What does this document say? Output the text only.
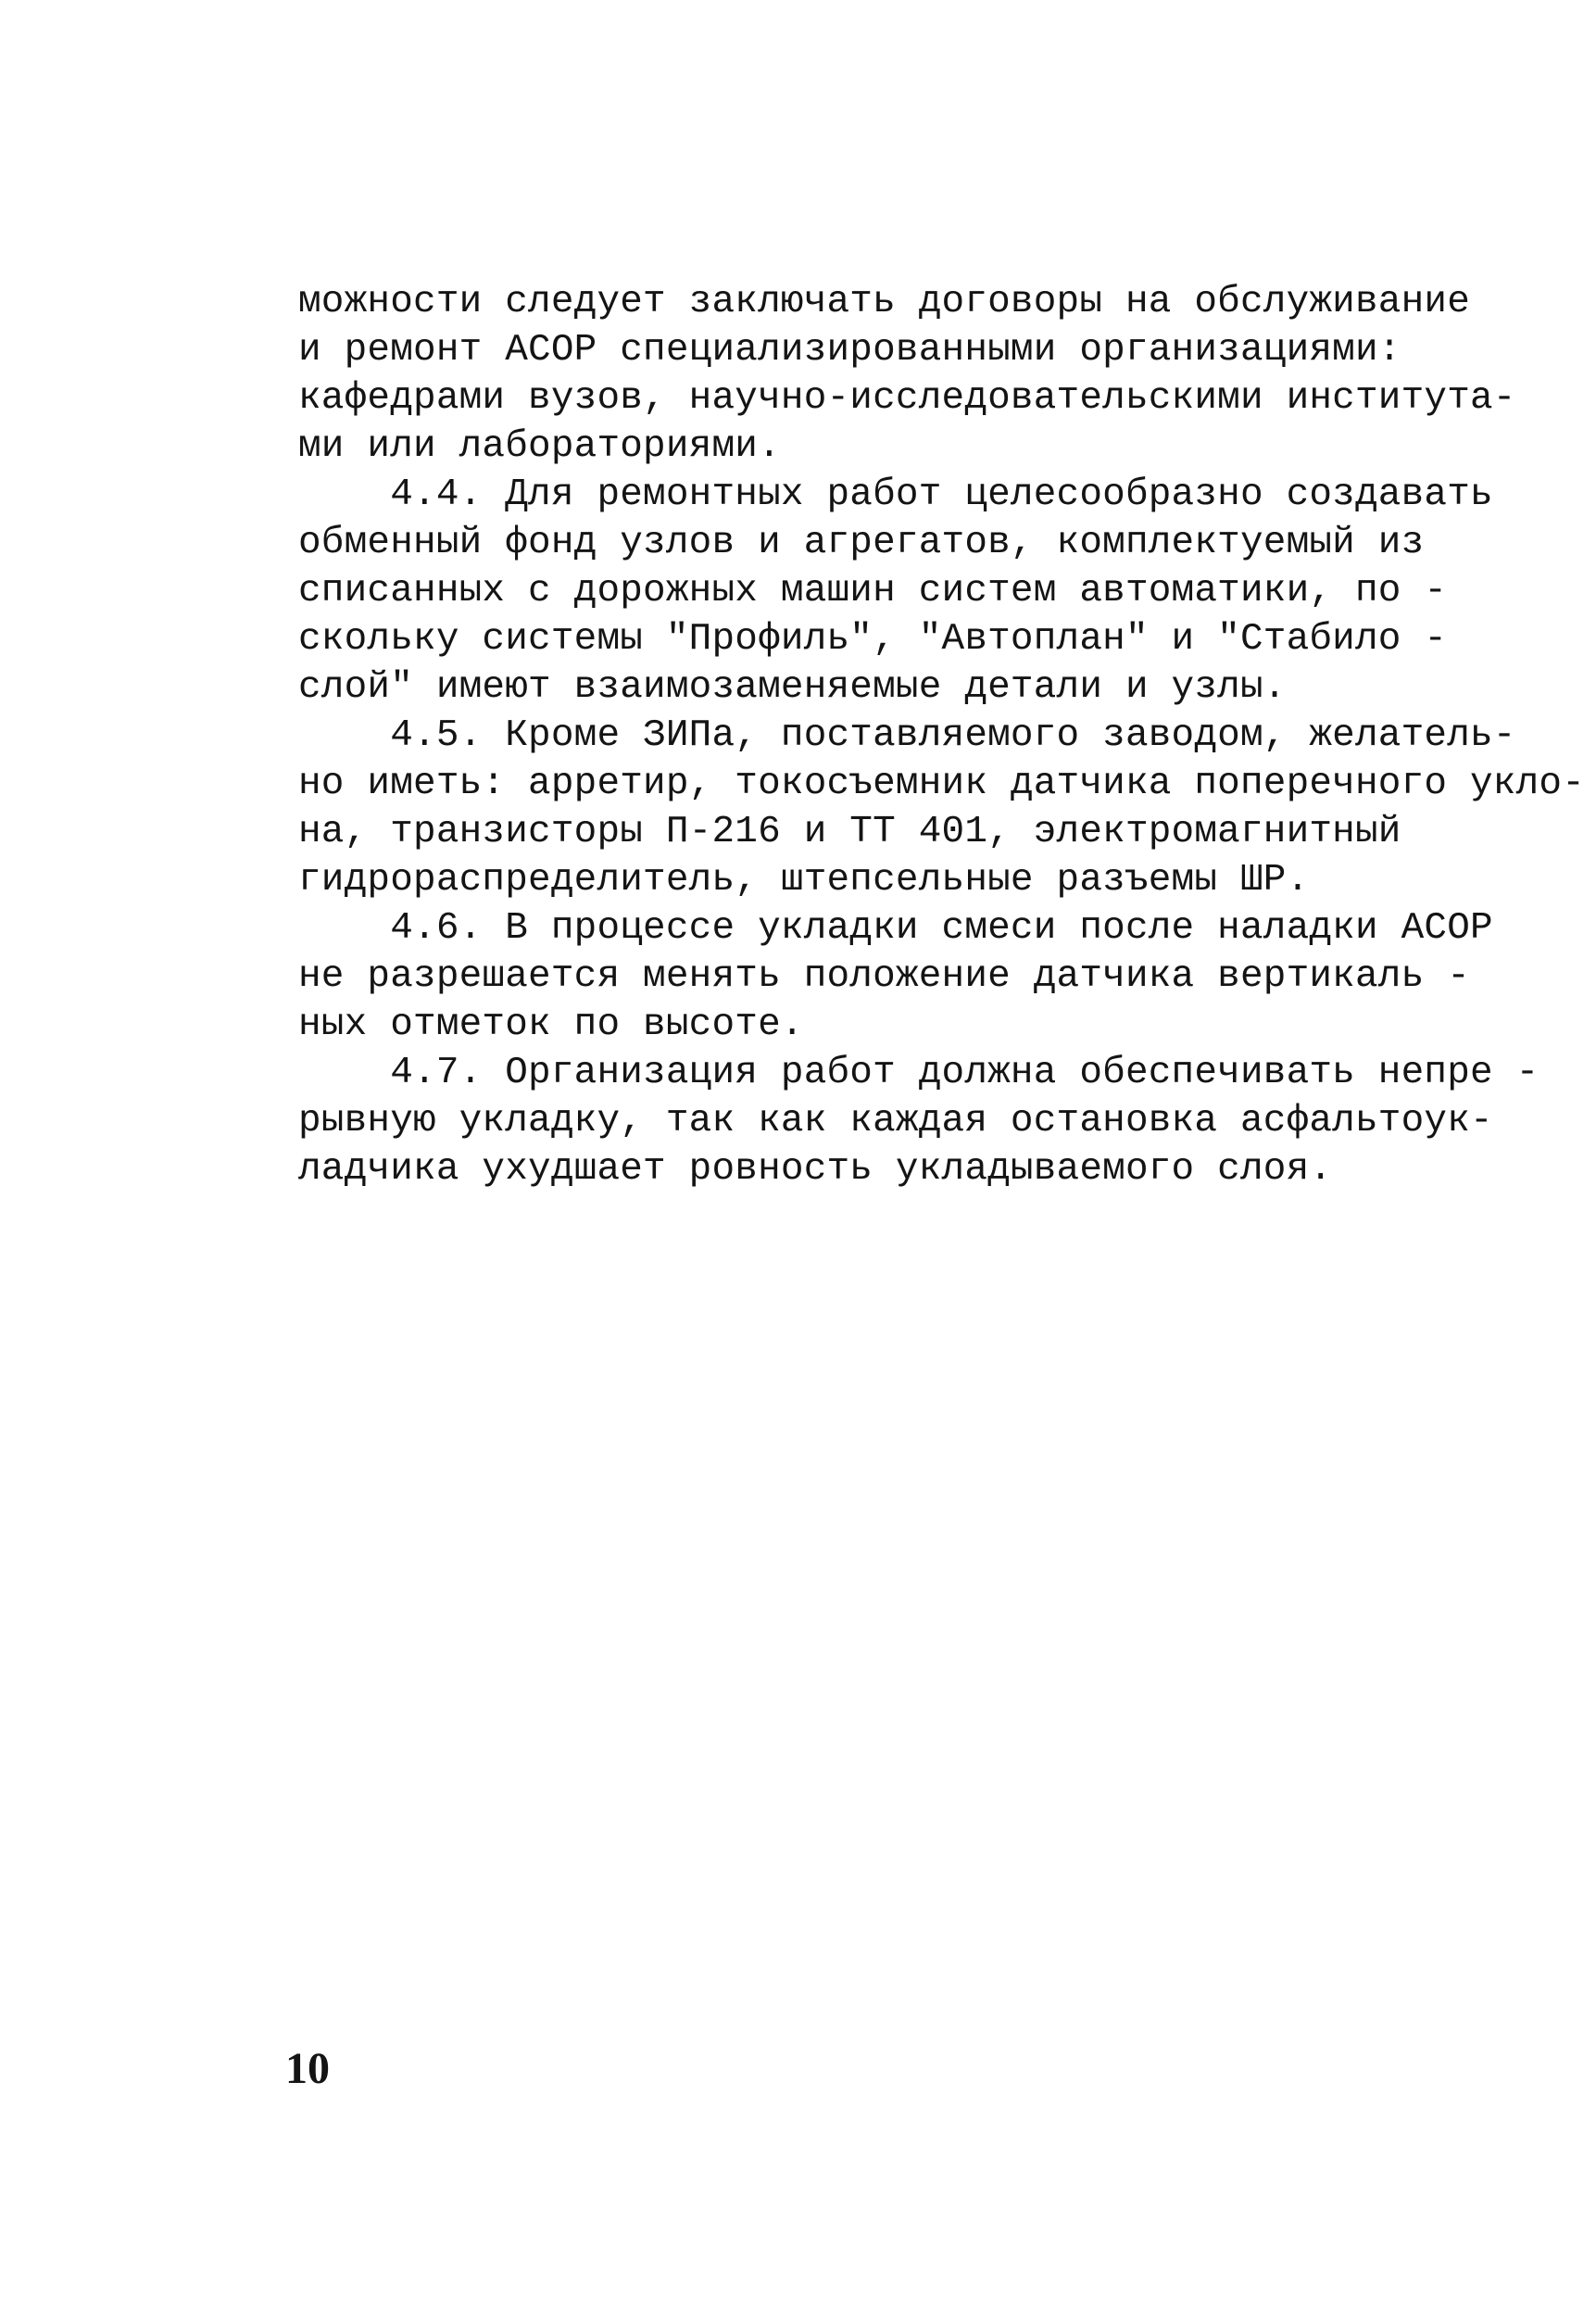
можности следует заключать договоры на обслуживание
и ремонт АСОР специализированными организациями:
кафедрами вузов, научно-исследовательскими института-
ми или лабораториями.
4.4. Для ремонтных работ целесообразно создавать
обменный фонд узлов и агрегатов, комплектуемый из
списанных с дорожных машин систем автоматики, по -
скольку системы "Профиль", "Автоплан" и "Стабило -
слой" имеют взаимозаменяемые детали и узлы.
4.5. Кроме ЗИПа, поставляемого заводом, желатель-
но иметь: арретир, токосъемник датчика поперечного укло-
на, транзисторы П-216 и ТТ 401, электромагнитный
гидрораспределитель, штепсельные разъемы ШР.
4.6. В процессе укладки смеси после наладки АСОР
не разрешается менять положение датчика вертикаль -
ных отметок по высоте.
4.7. Организация работ должна обеспечивать непре -
рывную укладку, так как каждая остановка асфальтоук-
ладчика ухудшает ровность укладываемого слоя.
10
